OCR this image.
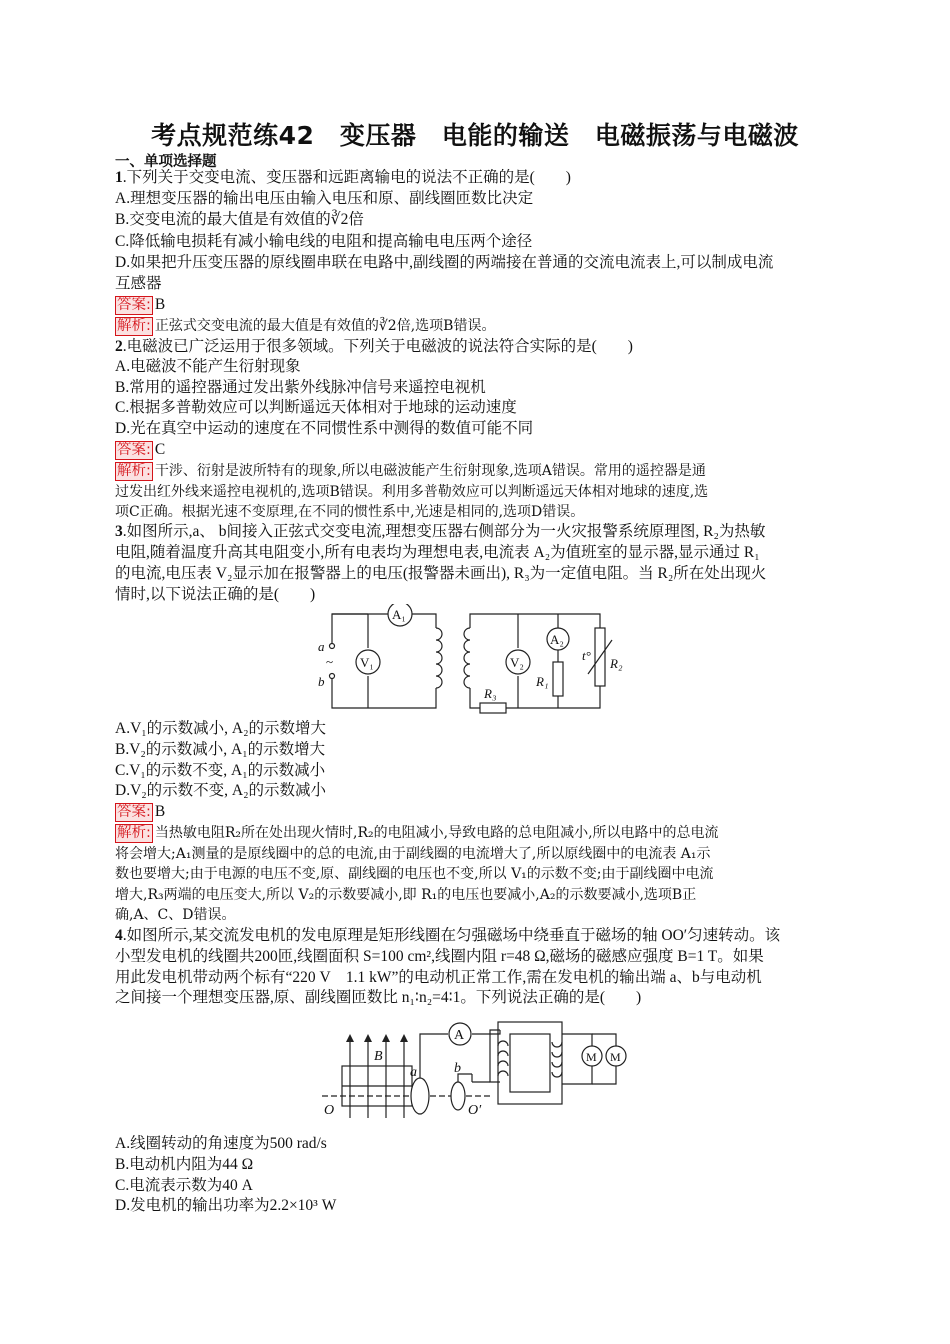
考点规范练42　变压器　电能的输送　电磁振荡与电磁波
一、单项选择题
1.下列关于交变电流、变压器和远距离输电的说法不正确的是(　　)
A.理想变压器的输出电压由输入电压和原、副线圈匝数比决定
B.交变电流的最大值是有效值的∛2倍
C.降低输电损耗有减小输电线的电阻和提高输电电压两个途径
D.如果把升压变压器的原线圈串联在电路中,副线圈的两端接在普通的交流电流表上,可以制成电流
互感器
答案: B
解析: 正弦式交变电流的最大值是有效值的∛2倍,选项B错误。
2.电磁波已广泛运用于很多领域。下列关于电磁波的说法符合实际的是(　　)
A.电磁波不能产生衍射现象
B.常用的遥控器通过发出紫外线脉冲信号来遥控电视机
C.根据多普勒效应可以判断遥远天体相对于地球的运动速度
D.光在真空中运动的速度在不同惯性系中测得的数值可能不同
答案: C
解析: 干涉、衍射是波所特有的现象,所以电磁波能产生衍射现象,选项A错误。常用的遥控器是通
过发出红外线来遥控电视机的,选项B错误。利用多普勒效应可以判断遥远天体相对地球的速度,选
项C正确。根据光速不变原理,在不同的惯性系中,光速是相同的,选项D错误。
3.如图所示,a、 b间接入正弦式交变电流,理想变压器右侧部分为一火灾报警系统原理图, R₂为热敏
电阻,随着温度升高其电阻变小,所有电表均为理想电表,电流表 A₂为值班室的显示器,显示通过 R₁
的电流,电压表 V₂显示加在报警器上的电压(报警器未画出), R₃为一定值电阻。当 R₂所在处出现火
情时,以下说法正确的是(　　)
a
b
~ V₁
A₁
V₂
A₂
R₁
R₂
R₃
t°
A.V₁的示数减小, A₂的示数增大
B.V₂的示数减小, A₁的示数增大
C.V₁的示数不变, A₁的示数减小
D.V₂的示数不变, A₂的示数减小
答案: B
解析: 当热敏电阻R₂所在处出现火情时,R₂的电阻减小,导致电路的总电阻减小,所以电路中的总电流
将会增大;A₁测量的是原线圈中的总的电流,由于副线圈的电流增大了,所以原线圈中的电流表 A₁示
数也要增大;由于电源的电压不变,原、副线圈的电压也不变,所以 V₁的示数不变;由于副线圈中电流
增大,R₃两端的电压变大,所以 V₂的示数要减小,即 R₁的电压也要减小,A₂的示数要减小,选项B正
确,A、C、D错误。
4.如图所示,某交流发电机的发电原理是矩形线圈在匀强磁场中绕垂直于磁场的轴 OO′匀速转动。该
小型发电机的线圈共200匝,线圈面积 S=100 cm²,线圈内阻 r=48 Ω,磁场的磁感应强度 B=1 T。如果
用此发电机带动两个标有“220 V　1.1 kW”的电动机正常工作,需在发电机的输出端 a、b与电动机
之间接一个理想变压器,原、副线圈匝数比 n₁∶n₂=4∶1。下列说法正确的是(　　)
A
B
a	b
O	O′
M M
A.线圈转动的角速度为500 rad/s
B.电动机内阻为44 Ω
C.电流表示数为40 A
D.发电机的输出功率为2.2×10³ W
